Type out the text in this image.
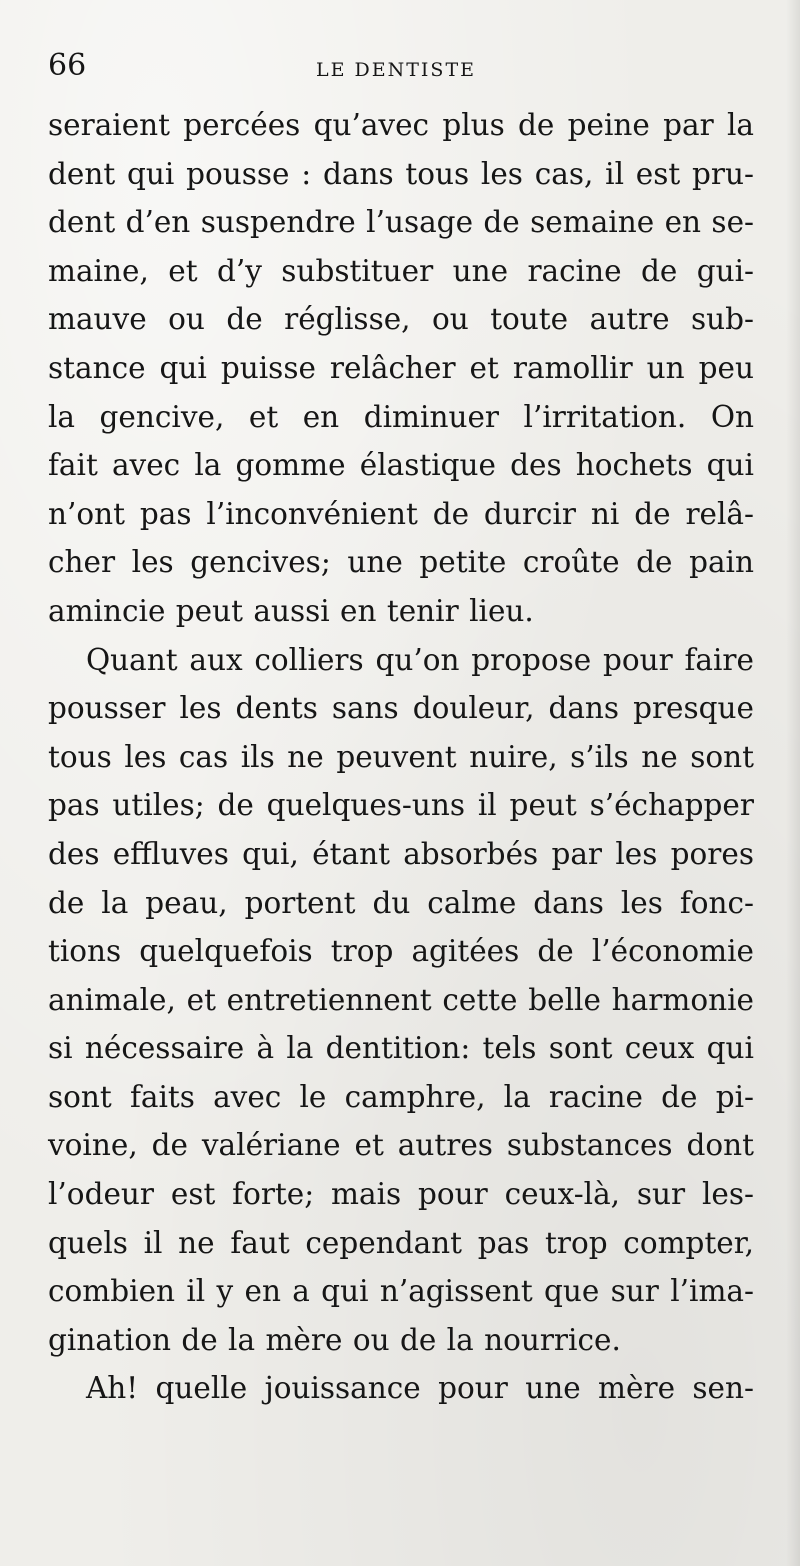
66	LE DENTISTE
seraient percées qu’avec plus de peine par la
dent qui pousse : dans tous les cas, il est pru-
dent d’en suspendre l’usage de semaine en se-
maine, et d’y substituer une racine de gui-
mauve ou de réglisse, ou toute autre sub-
stance qui puisse relâcher et ramollir un peu
la gencive, et en diminuer l’irritation. On
fait avec la gomme élastique des hochets qui
n’ont pas l’inconvénient de durcir ni de relâ-
cher les gencives; une petite croûte de pain
amincie peut aussi en tenir lieu.
Quant aux colliers qu’on propose pour faire
pousser les dents sans douleur, dans presque
tous les cas ils ne peuvent nuire, s’ils ne sont
pas utiles; de quelques-uns il peut s’échapper
des effluves qui, étant absorbés par les pores
de la peau, portent du calme dans les fonc-
tions quelquefois trop agitées de l’économie
animale, et entretiennent cette belle harmonie
si nécessaire à la dentition: tels sont ceux qui
sont faits avec le camphre, la racine de pi-
voine, de valériane et autres substances dont
l’odeur est forte; mais pour ceux-là, sur les-
quels il ne faut cependant pas trop compter,
combien il y en a qui n’agissent que sur l’ima-
gination de la mère ou de la nourrice.
Ah! quelle jouissance pour une mère sen-
